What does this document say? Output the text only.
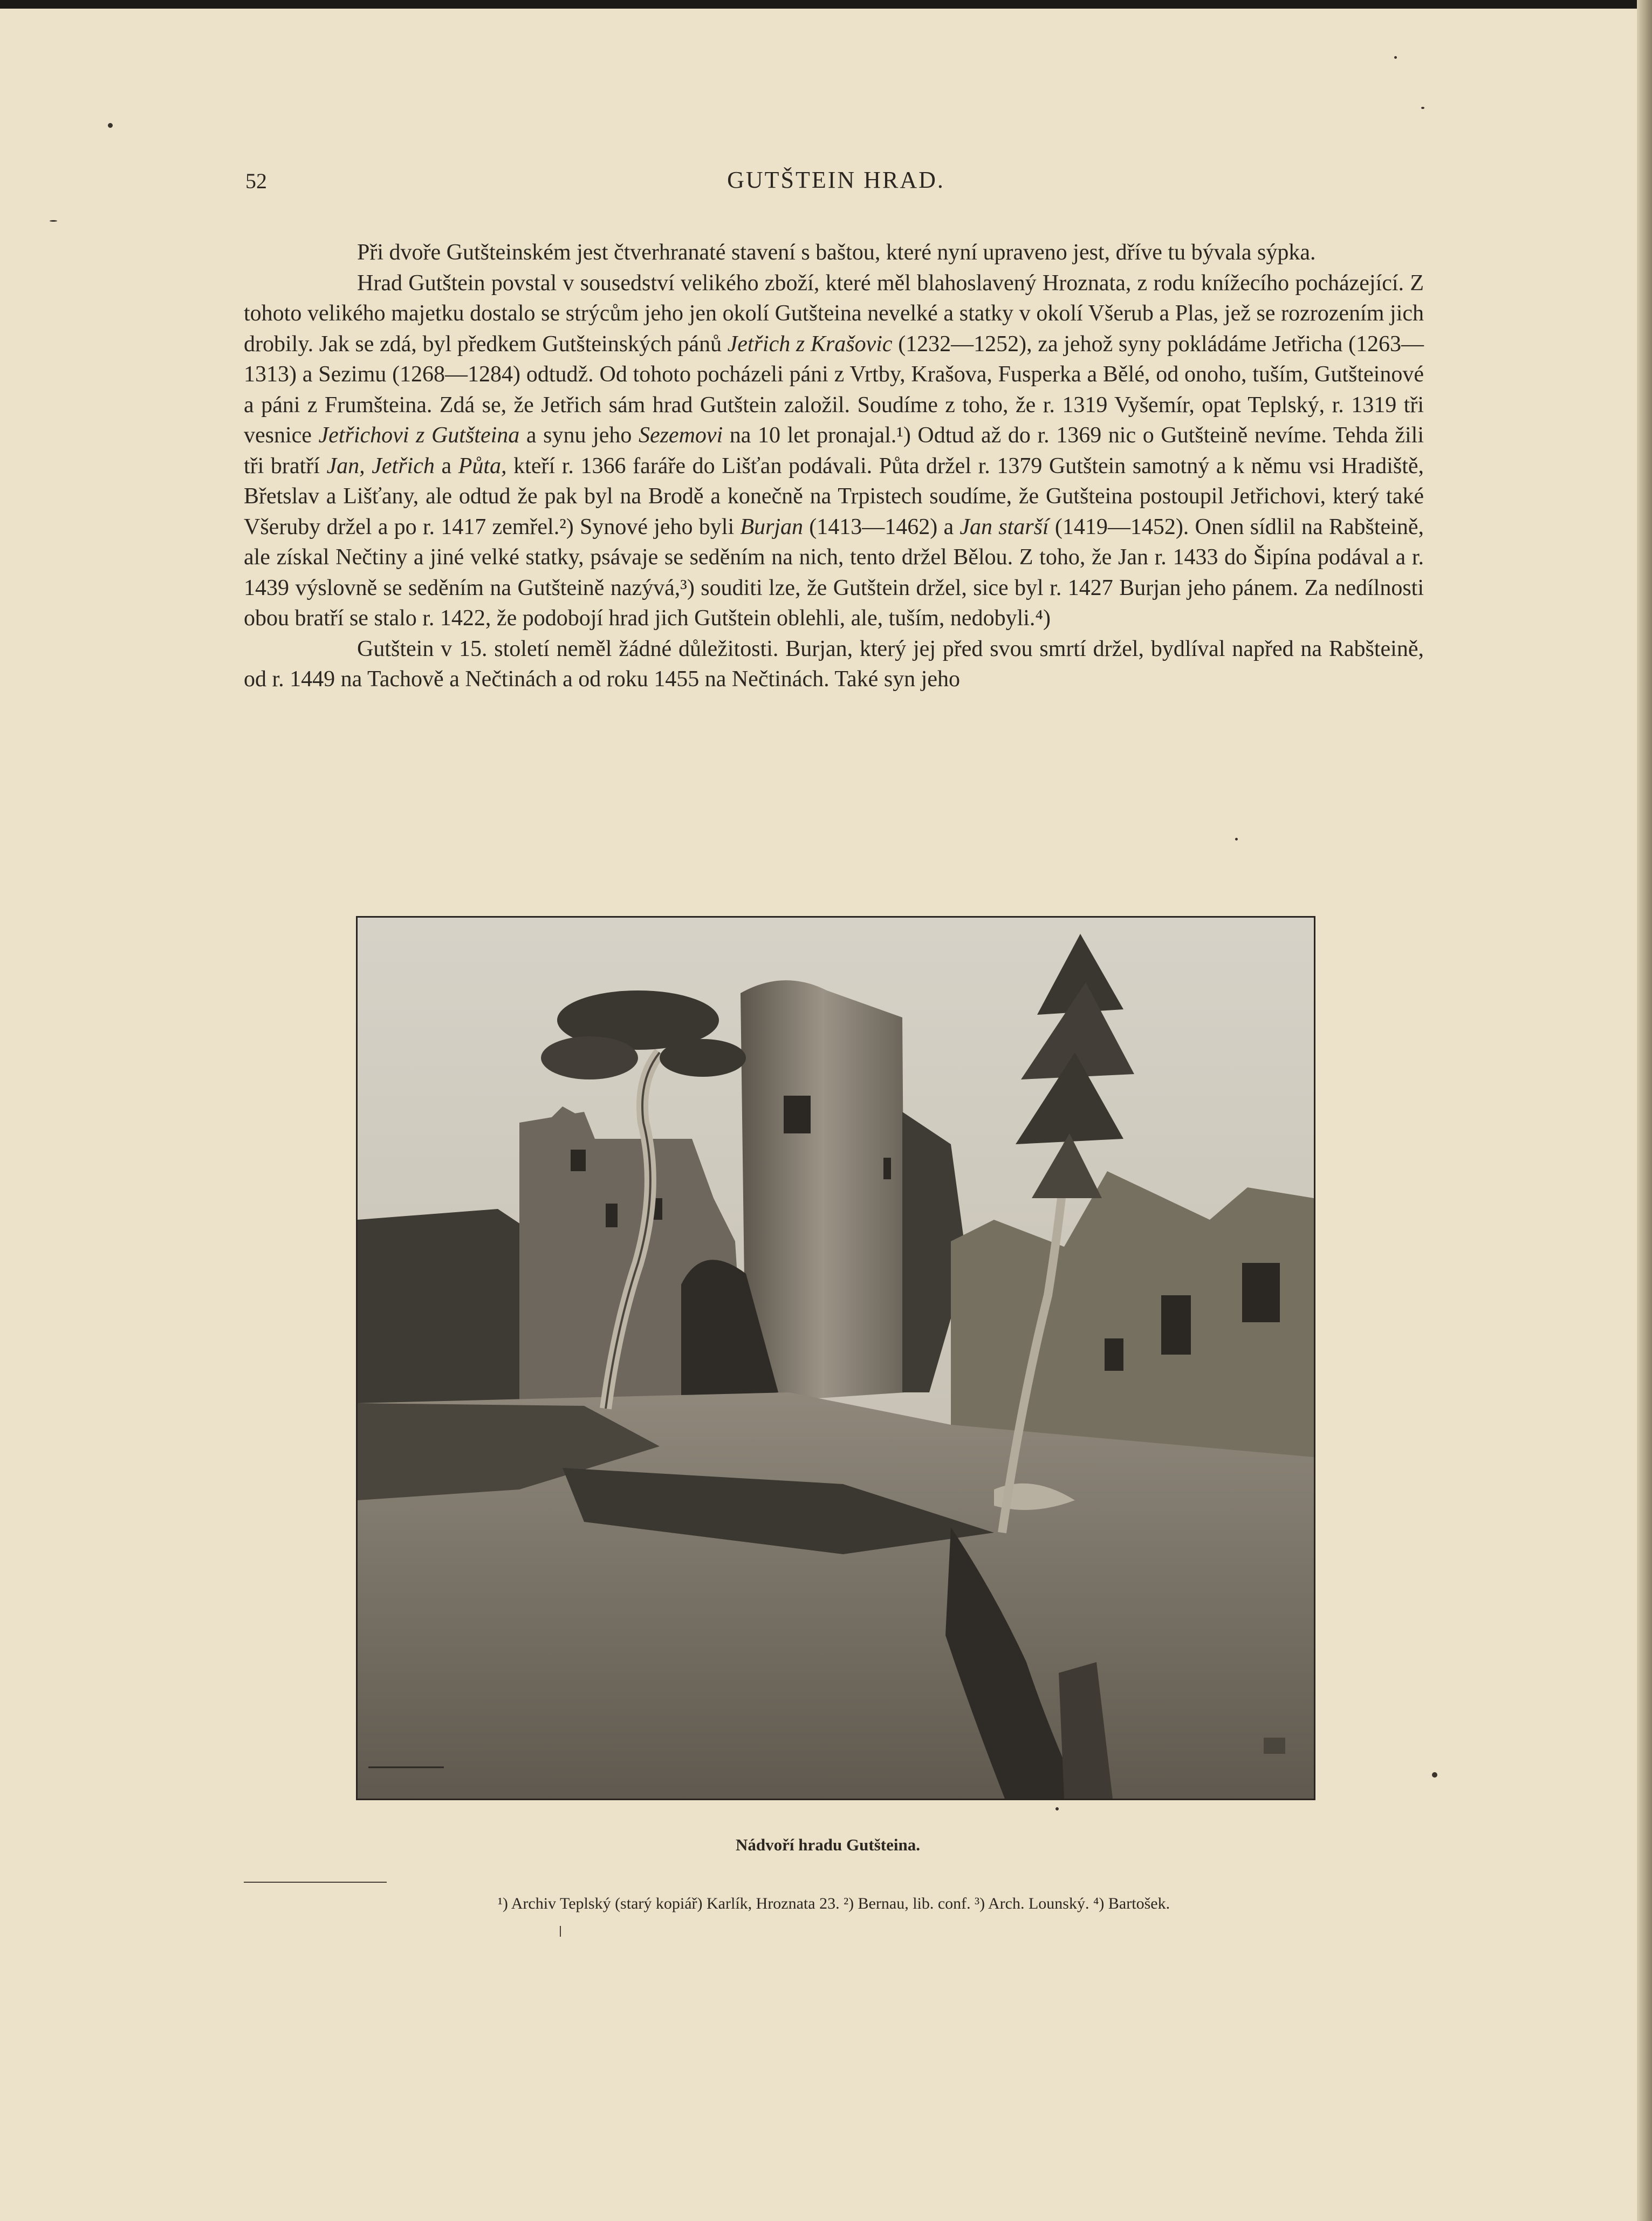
52	GUTŠTEIN HRAD.

Při dvoře Gutšteinském jest čtverhranaté stavení s baštou, které nyní upraveno jest, dříve tu bývala sýpka.

Hrad Gutštein povstal v sousedství velikého zboží, které měl blahoslavený Hroznata, z rodu knížecího pocházející. Z tohoto velikého majetku dostalo se strýcům jeho jen okolí Gutšteina nevelké a statky v okolí Všerub a Plas, jež se rozrozením jich drobily. Jak se zdá, byl předkem Gutšteinských pánů Jetřich z Krašovic (1232—1252), za jehož syny pokládáme Jetřicha (1263—1313) a Sezimu (1268—1284) odtudž. Od tohoto pocházeli páni z Vrtby, Krašova, Fusperka a Bělé, od onoho, tuším, Gutšteinové a páni z Frumšteina. Zdá se, že Jetřich sám hrad Gutštein založil. Soudíme z toho, že r. 1319 Vyšemír, opat Teplský, r. 1319 tři vesnice Jetřichovi z Gutšteina a synu jeho Sezemovi na 10 let pronajal.¹) Odtud až do r. 1369 nic o Gutšteině nevíme. Tehda žili tři bratří Jan, Jetřich a Půta, kteří r. 1366 faráře do Lišťan podávali. Půta držel r. 1379 Gutštein samotný a k němu vsi Hradiště, Břetslav a Lišťany, ale odtud že pak byl na Brodě a konečně na Trpistech soudíme, že Gutšteina postoupil Jetřichovi, který také Všeruby držel a po r. 1417 zemřel.²) Synové jeho byli Burjan (1413—1462) a Jan starší (1419—1452). Onen sídlil na Rabšteině, ale získal Nečtiny a jiné velké statky, psávaje se seděním na nich, tento držel Bělou. Z toho, že Jan r. 1433 do Šipína podával a r. 1439 výslovně se seděním na Gutšteině nazývá,³) souditi lze, že Gutštein držel, sice byl r. 1427 Burjan jeho pánem. Za nedílnosti obou bratří se stalo r. 1422, že podobojí hrad jich Gutštein oblehli, ale, tuším, nedobyli.⁴)

Gutštein v 15. století neměl žádné důležitosti. Burjan, který jej před svou smrtí držel, bydlíval napřed na Rabšteině, od r. 1449 na Tachově a Nečtinách a od roku 1455 na Nečtinách. Také syn jeho

Nádvoří hradu Gutšteina.
¹) Archiv Teplský (starý kopiář) Karlík, Hroznata 23. ²) Bernau, lib. conf. ³) Arch. Lounský. ⁴) Bartošek.
